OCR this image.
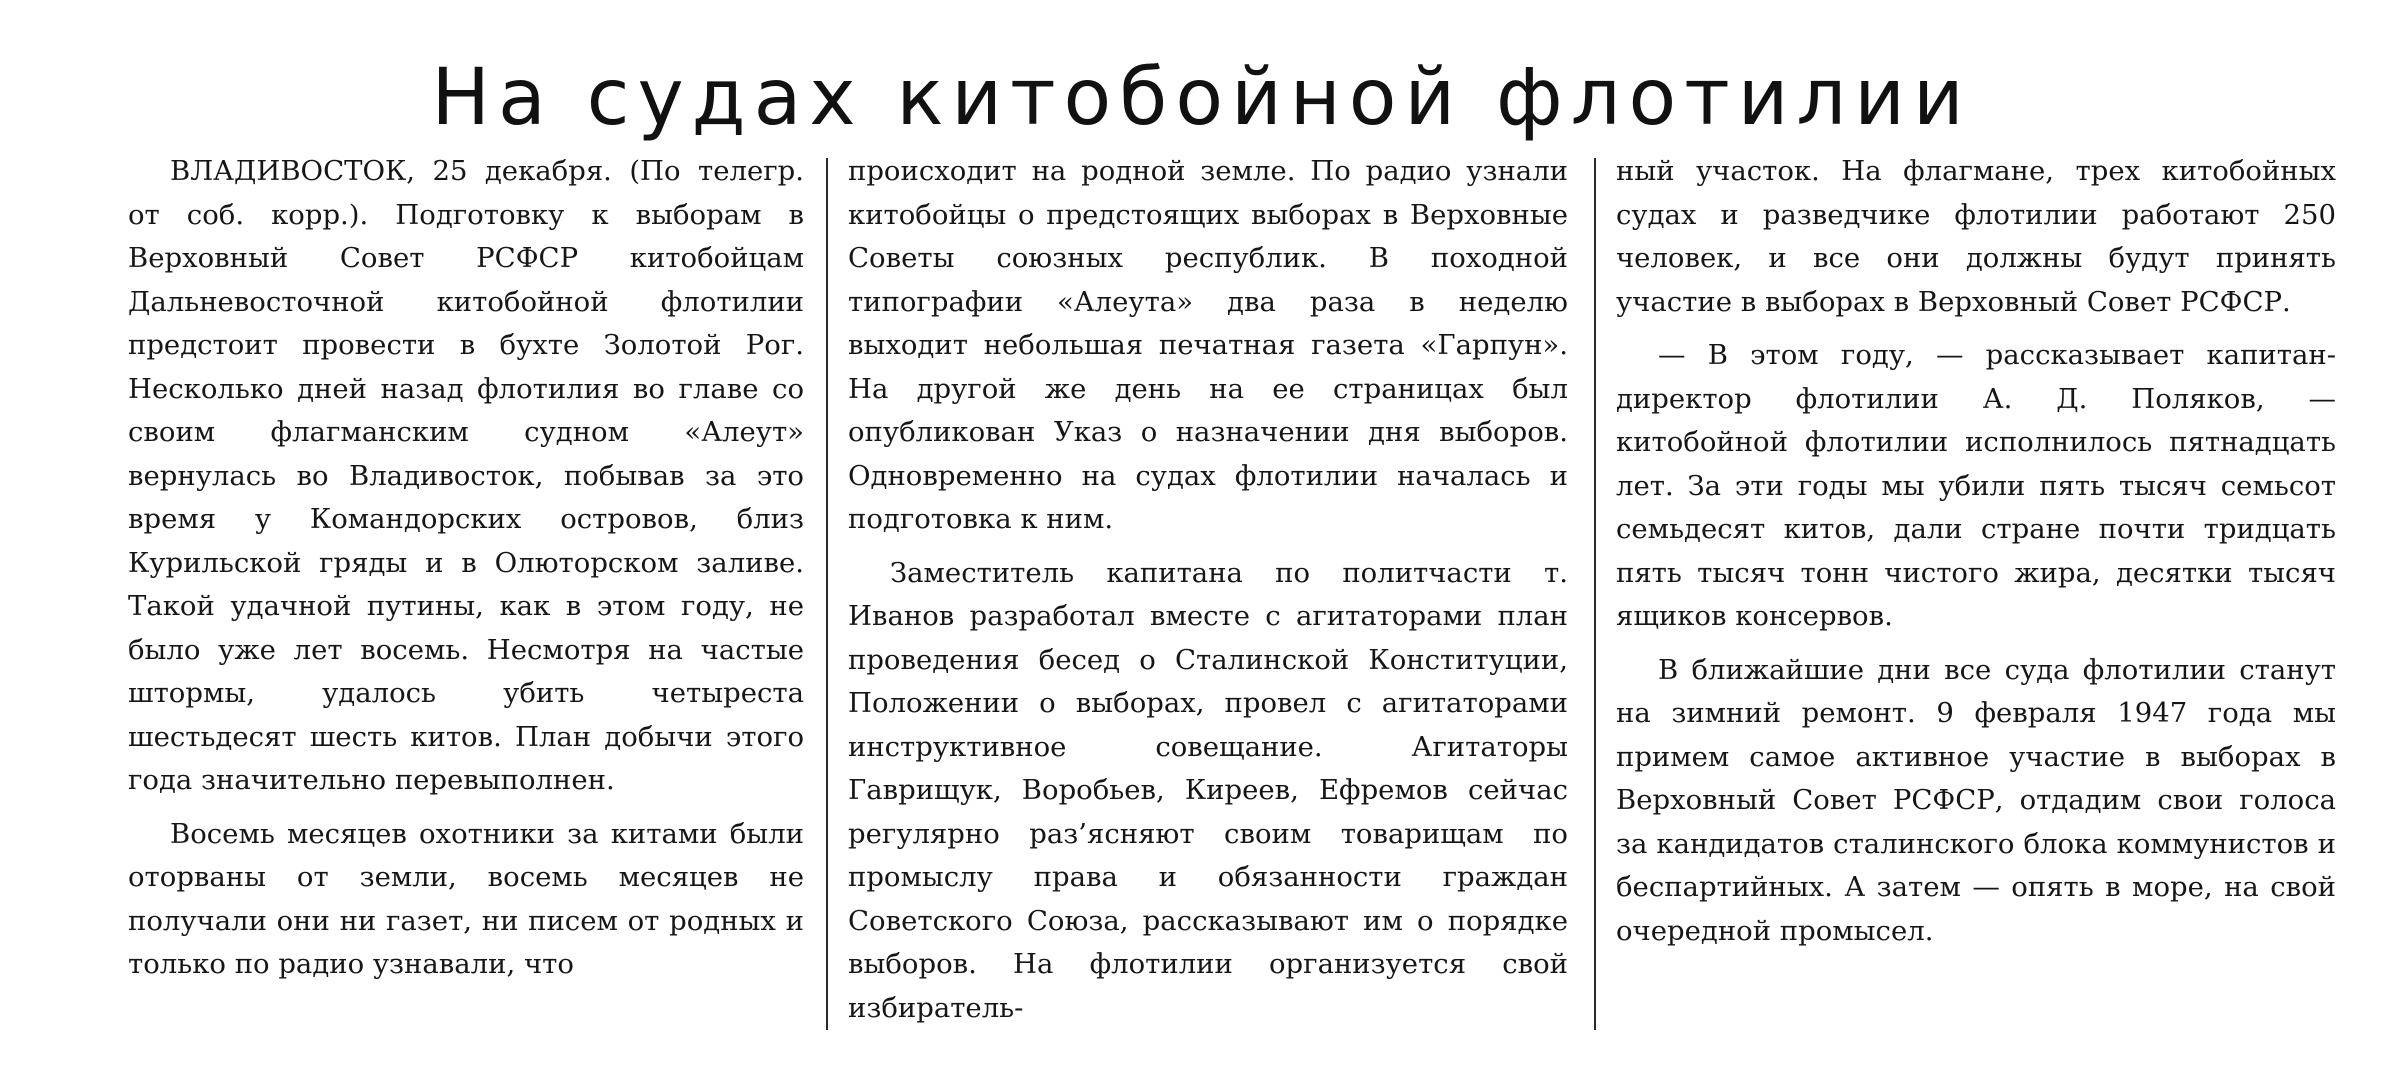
На судах китобойной флотилии

ВЛАДИВОСТОК, 25 декабря. (По телегр. от соб. корр.). Подготовку к выборам в Верховный Совет РСФСР китобойцам Дальневосточной китобойной флотилии предстоит провести в бухте Золотой Рог. Несколько дней назад флотилия во главе со своим флагманским судном «Алеут» вернулась во Владивосток, побывав за это время у Командорских островов, близ Курильской гряды и в Олюторском заливе. Такой удачной путины, как в этом году, не было уже лет восемь. Несмотря на частые штормы, удалось убить четыреста шестьдесят шесть китов. План добычи этого года значительно перевыполнен.

Восемь месяцев охотники за китами были оторваны от земли, восемь месяцев не получали они ни газет, ни писем от родных и только по радио узнавали, что

происходит на родной земле. По радио узнали китобойцы о предстоящих выборах в Верховные Советы союзных республик. В походной типографии «Алеута» два раза в неделю выходит небольшая печатная газета «Гарпун». На другой же день на ее страницах был опубликован Указ о назначении дня выборов. Одновременно на судах флотилии началась и подготовка к ним.

Заместитель капитана по политчасти т. Иванов разработал вместе с агитаторами план проведения бесед о Сталинской Конституции, Положении о выборах, провел с агитаторами инструктивное совещание. Агитаторы Гаврищук, Воробьев, Киреев, Ефремов сейчас регулярно раз’ясняют своим товарищам по промыслу права и обязанности граждан Советского Союза, рассказывают им о порядке выборов. На флотилии организуется свой избиратель-

ный участок. На флагмане, трех китобойных судах и разведчике флотилии работают 250 человек, и все они должны будут принять участие в выборах в Верховный Совет РСФСР.

— В этом году, — рассказывает капитан-директор флотилии А. Д. Поляков, — китобойной флотилии исполнилось пятнадцать лет. За эти годы мы убили пять тысяч семьсот семьдесят китов, дали стране почти тридцать пять тысяч тонн чистого жира, десятки тысяч ящиков консервов.

В ближайшие дни все суда флотилии станут на зимний ремонт. 9 февраля 1947 года мы примем самое активное участие в выборах в Верховный Совет РСФСР, отдадим свои голоса за кандидатов сталинского блока коммунистов и беспартийных. А затем — опять в море, на свой очередной промысел.
